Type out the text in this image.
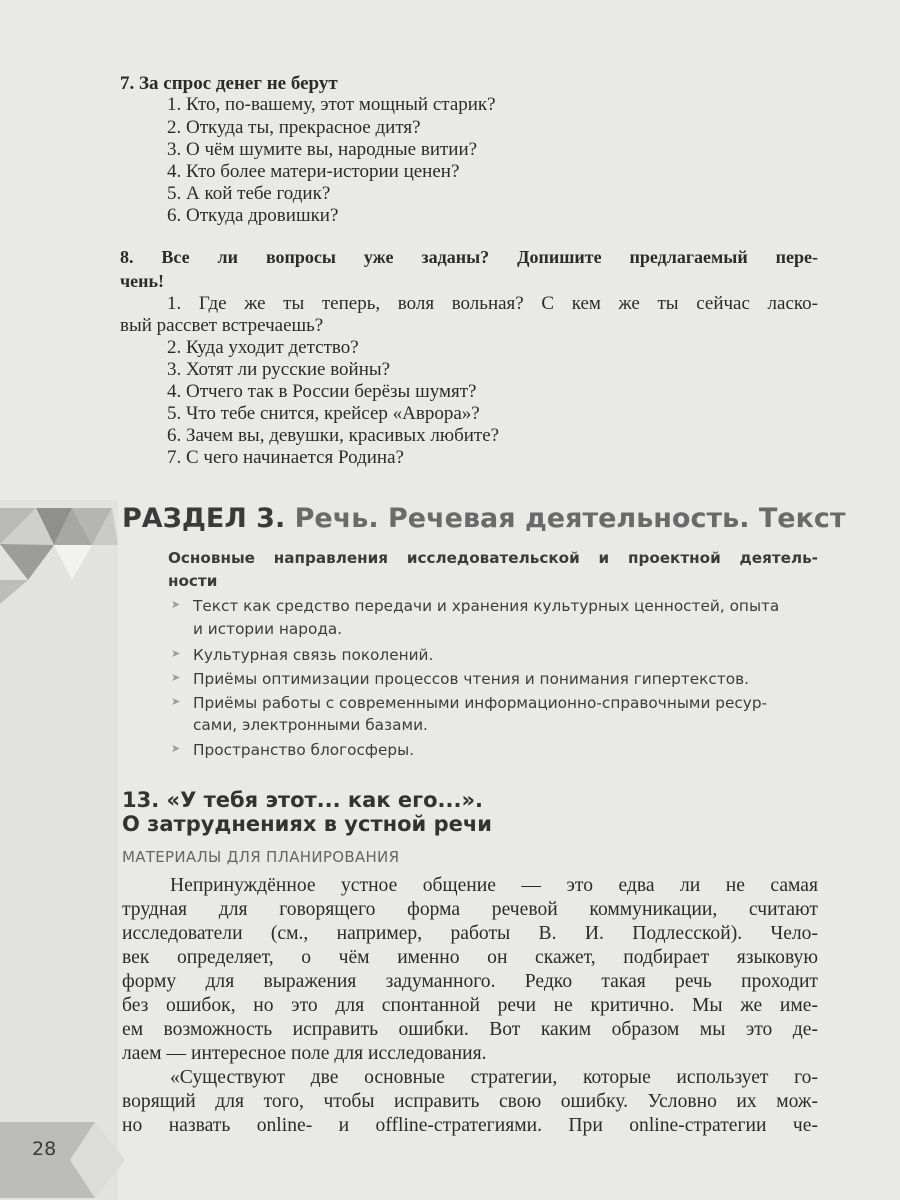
7. За спрос денег не берут
1. Кто, по-вашему, этот мощный старик?
2. Откуда ты, прекрасное дитя?
3. О чём шумите вы, народные витии?
4. Кто более матери-истории ценен?
5. А кой тебе годик?
6. Откуда дровишки?
8. Все ли вопросы уже заданы? Допишите предлагаемый пере-
чень!
1. Где же ты теперь, воля вольная? С кем же ты сейчас ласко-
вый рассвет встречаешь?
2. Куда уходит детство?
3. Хотят ли русские войны?
4. Отчего так в России берёзы шумят?
5. Что тебе снится, крейсер «Аврора»?
6. Зачем вы, девушки, красивых любите?
7. С чего начинается Родина?
РАЗДЕЛ 3. Речь. Речевая деятельность. Текст
Основные направления исследовательской и проектной деятель-
ности
➤ Текст как средство передачи и хранения культурных ценностей, опыта
и истории народа.
➤ Культурная связь поколений.
➤ Приёмы оптимизации процессов чтения и понимания гипертекстов.
➤ Приёмы работы с современными информационно-справочными ресур-
сами, электронными базами.
➤ Пространство блогосферы.
13. «У тебя этот... как его...».
О затруднениях в устной речи
МАТЕРИАЛЫ ДЛЯ ПЛАНИРОВАНИЯ
Непринуждённое устное общение — это едва ли не самая
трудная для говорящего форма речевой коммуникации, считают
исследователи (см., например, работы В. И. Подлесской). Чело-
век определяет, о чём именно он скажет, подбирает языковую
форму для выражения задуманного. Редко такая речь проходит
без ошибок, но это для спонтанной речи не критично. Мы же име-
ем возможность исправить ошибки. Вот каким образом мы это де-
лаем — интересное поле для исследования.
«Существуют две основные стратегии, которые использует го-
ворящий для того, чтобы исправить свою ошибку. Условно их мож-
но назвать online- и offline-стратегиями. При online-стратегии че-
28
